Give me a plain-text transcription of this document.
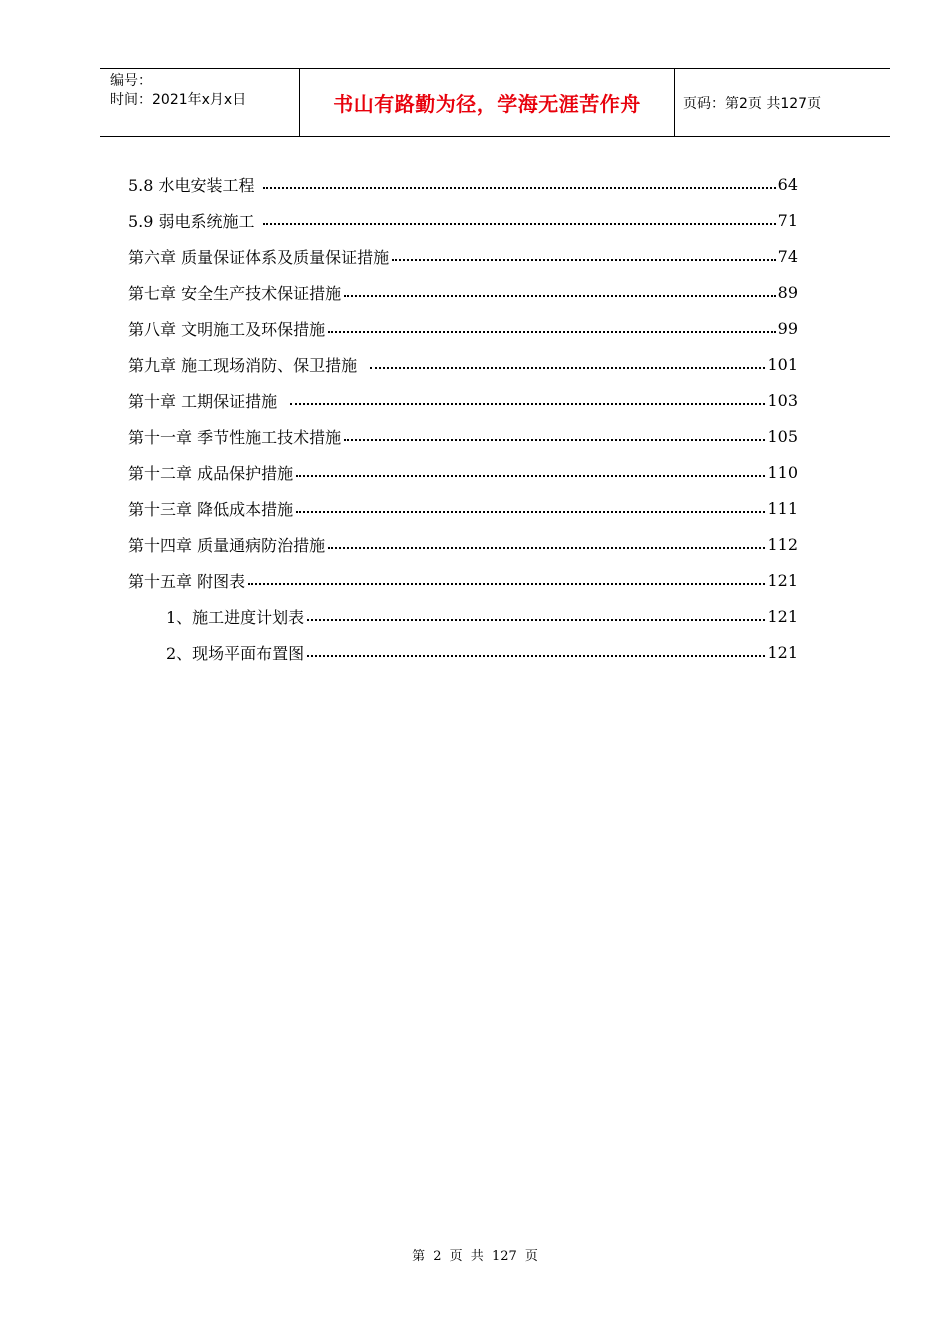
编号：
时间：2021年x月x日	书山有路勤为径，学海无涯苦作舟	页码：第2页 共127页
5.8 水电安装工程	64
5.9 弱电系统施工	71
第六章 质量保证体系及质量保证措施	74
第七章 安全生产技术保证措施	89
第八章 文明施工及环保措施	99
第九章 施工现场消防、保卫措施	101
第十章 工期保证措施	103
第十一章 季节性施工技术措施	105
第十二章 成品保护措施	110
第十三章 降低成本措施	111
第十四章 质量通病防治措施	112
第十五章 附图表	121
1、施工进度计划表	121
2、现场平面布置图	121
第 2 页 共 127 页
